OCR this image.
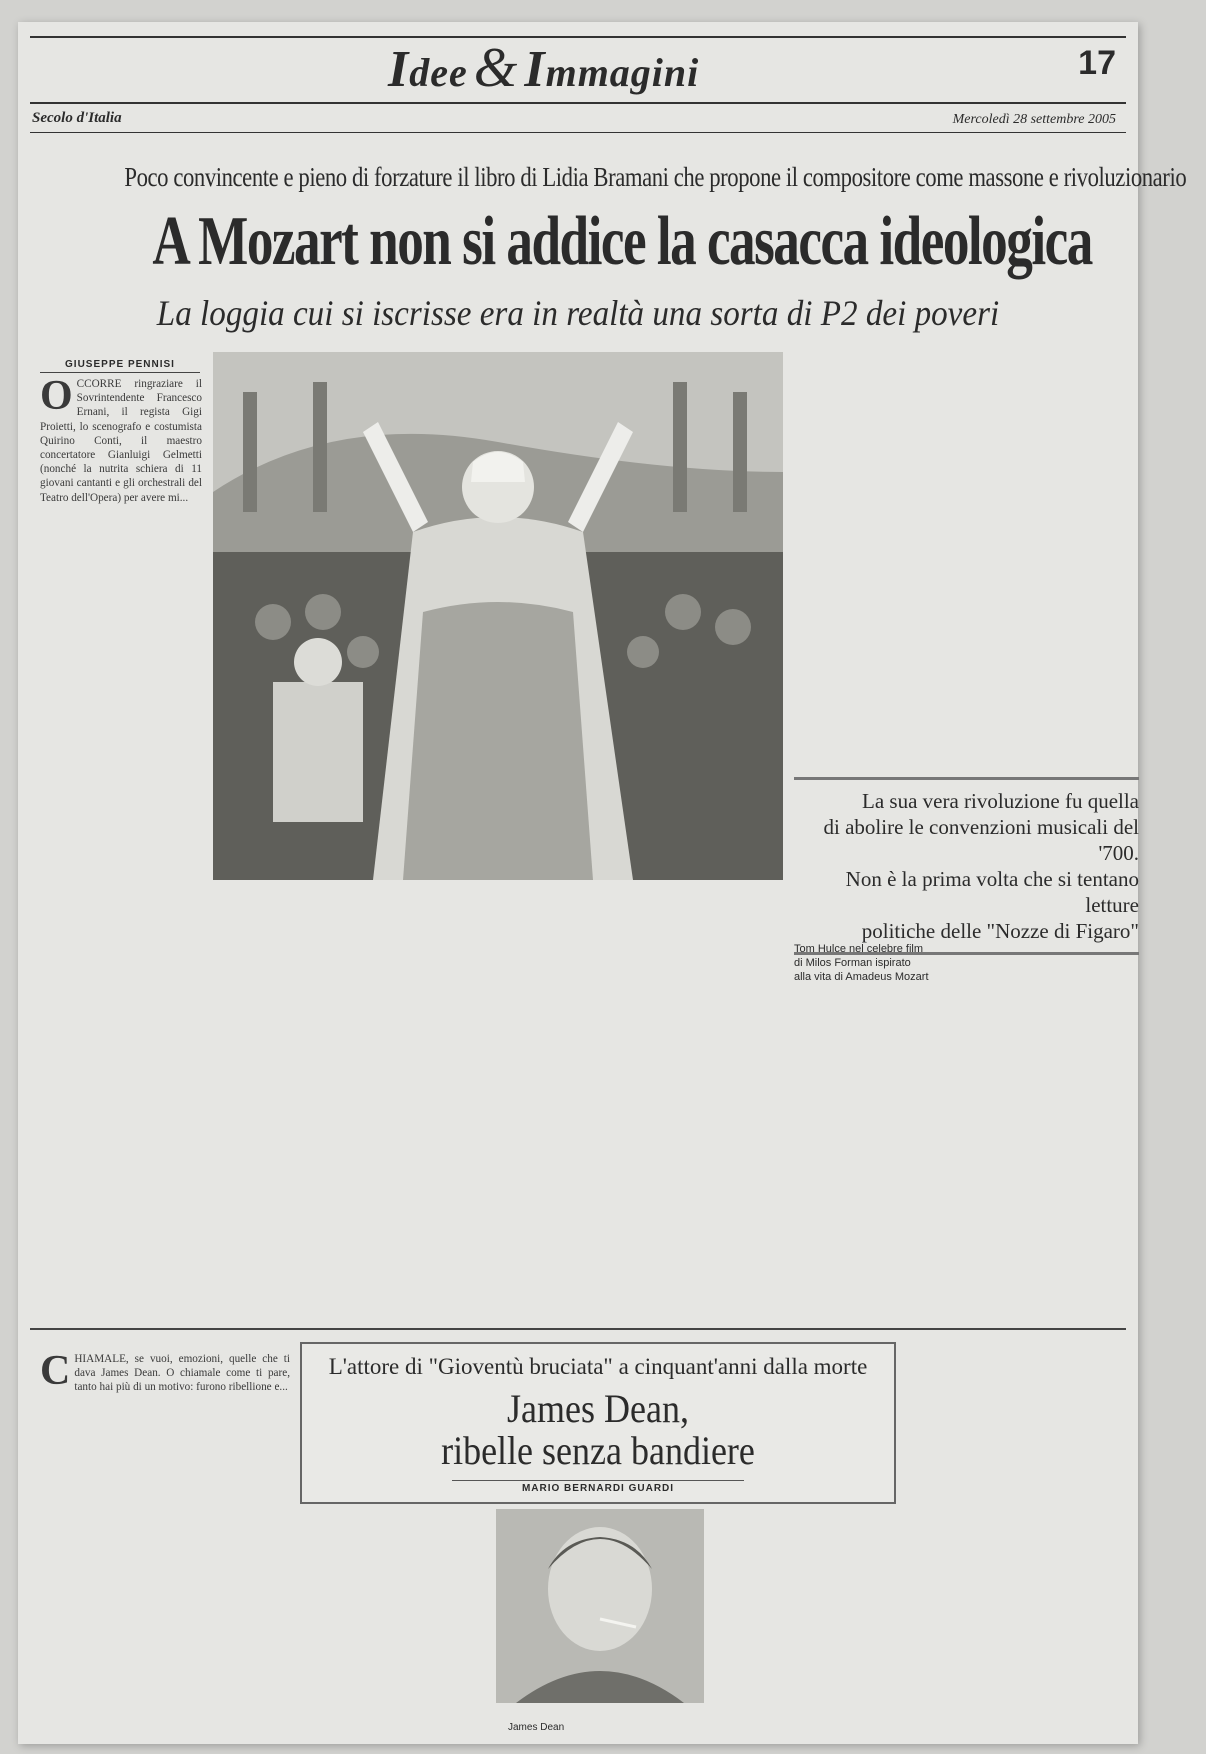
Idee & Immagini	17
Secolo d'Italia	Mercoledì 28 settembre 2005
Poco convincente e pieno di forzature il libro di Lidia Bramani che propone il compositore come massone e rivoluzionario
A Mozart non si addice la casacca ideologica
La loggia cui si iscrisse era in realtà una sorta di P2 dei poveri
GIUSEPPE PENNISI
O CCORRE ringraziare il Sovrintendente Francesco Ernani, il regista Gigi Proietti, lo scenografo e costumista Quirino Conti, il maestro concertatore Gianluigi Gelmetti (nonché la nutrita schiera di 11 giovani cantanti e gli orchestrali del Teatro dell'Opera) per avere mi...
La sua vera rivoluzione fu quella
di abolire le convenzioni musicali del '700.
Non è la prima volta che si tentano letture
politiche delle "Nozze di Figaro"
Tom Hulce nel celebre film
di Milos Forman ispirato
alla vita di Amadeus Mozart
L'attore di "Gioventù bruciata" a cinquant'anni dalla morte
James Dean,
ribelle senza bandiere
MARIO BERNARDI GUARDI
C HIAMALE, se vuoi, emozioni, quelle che ti dava James Dean. O chiamale come ti pare, tanto hai più di un motivo: furono ribellione e...
James Dean
